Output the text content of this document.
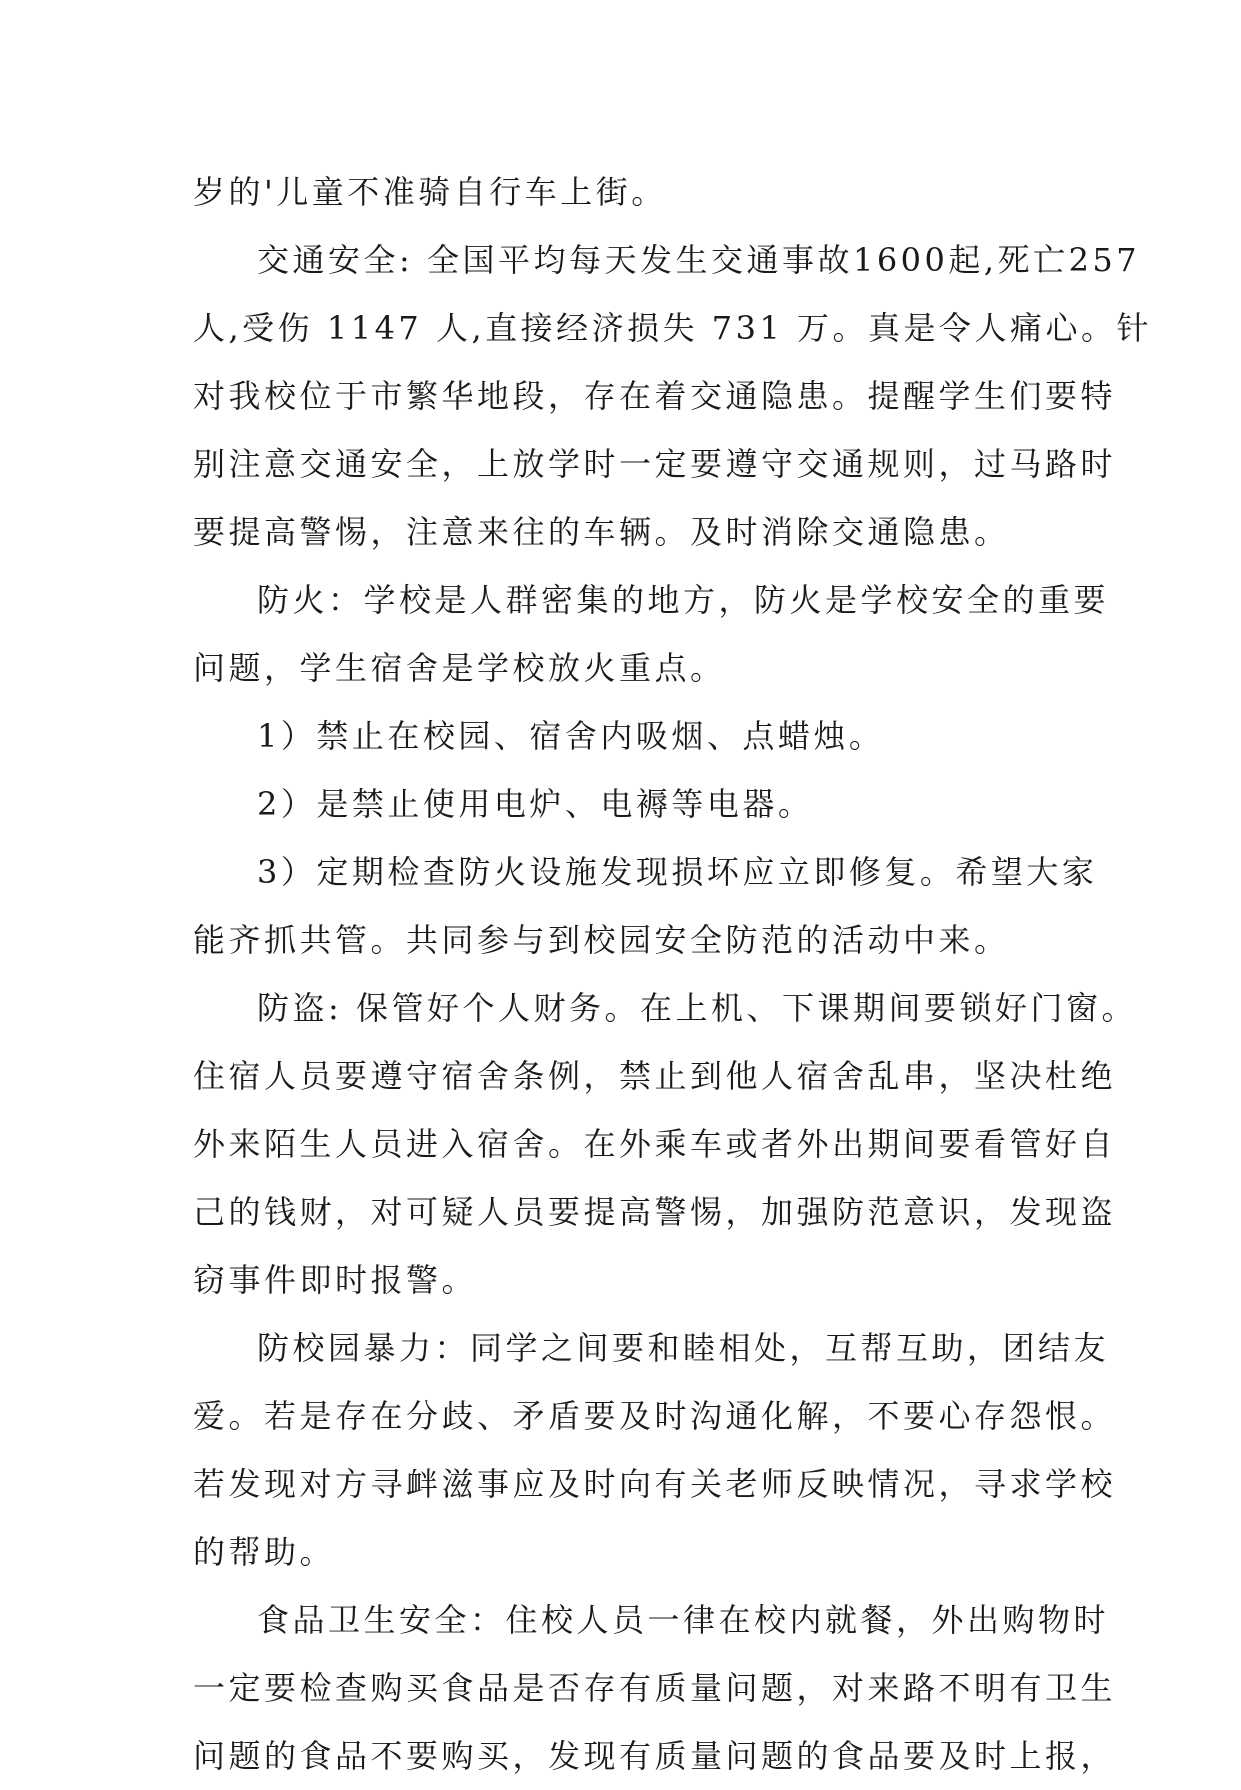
岁的'儿童不准骑自行车上街。
交通安全: 全国平均每天发生交通事故1600起,死亡257
人,受伤 1147 人,直接经济损失 731 万。真是令人痛心。针
对我校位于市繁华地段，存在着交通隐患。提醒学生们要特
别注意交通安全，上放学时一定要遵守交通规则，过马路时
要提高警惕，注意来往的车辆。及时消除交通隐患。
防火：学校是人群密集的地方，防火是学校安全的重要
问题，学生宿舍是学校放火重点。
1）禁止在校园、宿舍内吸烟、点蜡烛。
2）是禁止使用电炉、电褥等电器。
3）定期检查防火设施发现损坏应立即修复。希望大家
能齐抓共管。共同参与到校园安全防范的活动中来。
防盗: 保管好个人财务。在上机、下课期间要锁好门窗。
住宿人员要遵守宿舍条例，禁止到他人宿舍乱串，坚决杜绝
外来陌生人员进入宿舍。在外乘车或者外出期间要看管好自
己的钱财，对可疑人员要提高警惕，加强防范意识，发现盗
窃事件即时报警。
防校园暴力：同学之间要和睦相处，互帮互助，团结友
爱。若是存在分歧、矛盾要及时沟通化解，不要心存怨恨。
若发现对方寻衅滋事应及时向有关老师反映情况，寻求学校
的帮助。
食品卫生安全：住校人员一律在校内就餐，外出购物时
一定要检查购买食品是否存有质量问题，对来路不明有卫生
问题的食品不要购买，发现有质量问题的食品要及时上报，
